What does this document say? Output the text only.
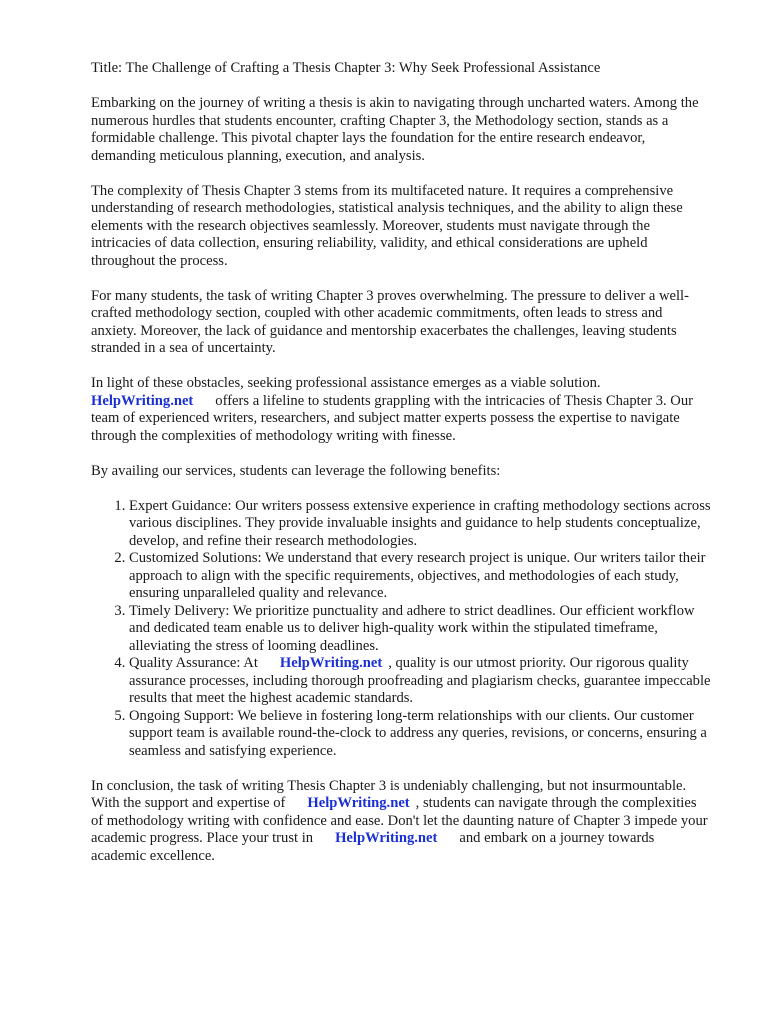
Title: The Challenge of Crafting a Thesis Chapter 3: Why Seek Professional Assistance

Embarking on the journey of writing a thesis is akin to navigating through uncharted waters. Among the numerous hurdles that students encounter, crafting Chapter 3, the Methodology section, stands as a formidable challenge. This pivotal chapter lays the foundation for the entire research endeavor, demanding meticulous planning, execution, and analysis.

The complexity of Thesis Chapter 3 stems from its multifaceted nature. It requires a comprehensive understanding of research methodologies, statistical analysis techniques, and the ability to align these elements with the research objectives seamlessly. Moreover, students must navigate through the intricacies of data collection, ensuring reliability, validity, and ethical considerations are upheld throughout the process.

For many students, the task of writing Chapter 3 proves overwhelming. The pressure to deliver a well-crafted methodology section, coupled with other academic commitments, often leads to stress and anxiety. Moreover, the lack of guidance and mentorship exacerbates the challenges, leaving students stranded in a sea of uncertainty.

In light of these obstacles, seeking professional assistance emerges as a viable solution.
HelpWriting.net offers a lifeline to students grappling with the intricacies of Thesis Chapter 3. Our team of experienced writers, researchers, and subject matter experts possess the expertise to navigate through the complexities of methodology writing with finesse.

By availing our services, students can leverage the following benefits:

1. Expert Guidance: Our writers possess extensive experience in crafting methodology sections across various disciplines. They provide invaluable insights and guidance to help students conceptualize, develop, and refine their research methodologies.
2. Customized Solutions: We understand that every research project is unique. Our writers tailor their approach to align with the specific requirements, objectives, and methodologies of each study, ensuring unparalleled quality and relevance.
3. Timely Delivery: We prioritize punctuality and adhere to strict deadlines. Our efficient workflow and dedicated team enable us to deliver high-quality work within the stipulated timeframe, alleviating the stress of looming deadlines.
4. Quality Assurance: At HelpWriting.net , quality is our utmost priority. Our rigorous quality assurance processes, including thorough proofreading and plagiarism checks, guarantee impeccable results that meet the highest academic standards.
5. Ongoing Support: We believe in fostering long-term relationships with our clients. Our customer support team is available round-the-clock to address any queries, revisions, or concerns, ensuring a seamless and satisfying experience.

In conclusion, the task of writing Thesis Chapter 3 is undeniably challenging, but not insurmountable. With the support and expertise of HelpWriting.net , students can navigate through the complexities of methodology writing with confidence and ease. Don't let the daunting nature of Chapter 3 impede your academic progress. Place your trust in HelpWriting.net and embark on a journey towards academic excellence.
